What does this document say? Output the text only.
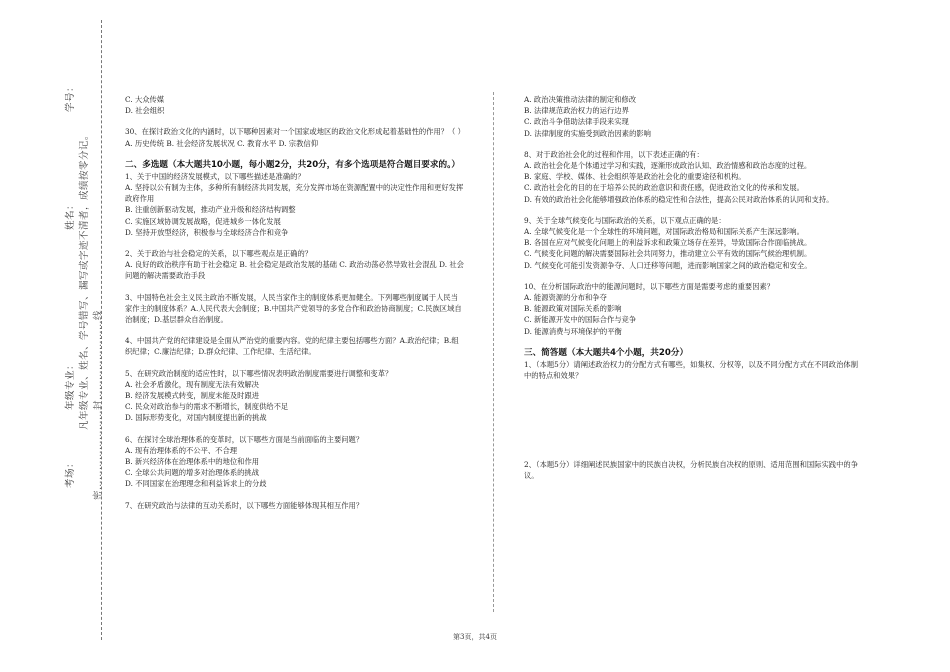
学号：
姓名：
年级专业：
考场：
凡年级专业、姓名、学号错写、漏写或字迹不清者，成绩按零分记。 密……………………封……………………线

C. 大众传媒

D. 社会组织

30、在探讨政治文化的内涵时，以下哪种因素对一个国家或地区的政治文化形成起着基础性的作用？（ ）

A. 历史传统 B. 社会经济发展状况 C. 教育水平 D. 宗教信仰

二、多选题（本大题共10小题，每小题2分，共20分，有多个选项是符合题目要求的。）

1、关于中国的经济发展模式，以下哪些描述是准确的？

A. 坚持以公有制为主体，多种所有制经济共同发展，充分发挥市场在资源配置中的决定性作用和更好发挥政府作用

B. 注重创新驱动发展，推动产业升级和经济结构调整

C. 实施区域协调发展战略，促进城乡一体化发展

D. 坚持开放型经济，积极参与全球经济合作和竞争

2、关于政治与社会稳定的关系，以下哪些观点是正确的？

A. 良好的政治秩序有助于社会稳定 B. 社会稳定是政治发展的基础 C. 政治动荡必然导致社会混乱 D. 社会问题的解决需要政治手段

3、中国特色社会主义民主政治不断发展，人民当家作主的制度体系更加健全。下列哪些制度属于人民当家作主的制度体系？A.人民代表大会制度；B.中国共产党领导的多党合作和政治协商制度；C.民族区域自治制度；D.基层群众自治制度。

4、中国共产党的纪律建设是全面从严治党的重要内容。党的纪律主要包括哪些方面？A.政治纪律；B.组织纪律；C.廉洁纪律；D.群众纪律、工作纪律、生活纪律。

5、在研究政治制度的适应性时，以下哪些情况表明政治制度需要进行调整和变革？

A. 社会矛盾激化，现有制度无法有效解决

B. 经济发展模式转变，制度未能及时跟进

C. 民众对政治参与的需求不断增长，制度供给不足

D. 国际形势变化，对国内制度提出新的挑战

6、在探讨全球治理体系的变革时，以下哪些方面是当前面临的主要问题？

A. 现有治理体系的不公平、不合理

B. 新兴经济体在治理体系中的地位和作用

C. 全球公共问题的增多对治理体系的挑战

D. 不同国家在治理理念和利益诉求上的分歧

7、在研究政治与法律的互动关系时，以下哪些方面能够体现其相互作用？

A. 政治决策推动法律的制定和修改

B. 法律规范政治权力的运行边界

C. 政治斗争借助法律手段来实现

D. 法律制度的实施受到政治因素的影响

8、对于政治社会化的过程和作用，以下表述正确的有：

A. 政治社会化是个体通过学习和实践，逐渐形成政治认知、政治情感和政治态度的过程。

B. 家庭、学校、媒体、社会组织等是政治社会化的重要途径和机构。

C. 政治社会化的目的在于培养公民的政治意识和责任感，促进政治文化的传承和发展。

D. 有效的政治社会化能够增强政治体系的稳定性和合法性，提高公民对政治体系的认同和支持。

9、关于全球气候变化与国际政治的关系，以下观点正确的是：

A. 全球气候变化是一个全球性的环境问题，对国际政治格局和国际关系产生深远影响。

B. 各国在应对气候变化问题上的利益诉求和政策立场存在差异，导致国际合作面临挑战。

C. 气候变化问题的解决需要国际社会共同努力，推动建立公平有效的国际气候治理机制。

D. 气候变化可能引发资源争夺、人口迁移等问题，进而影响国家之间的政治稳定和安全。

10、在分析国际政治中的能源问题时，以下哪些方面是需要考虑的重要因素？

A. 能源资源的分布和争夺

B. 能源政策对国际关系的影响

C. 新能源开发中的国际合作与竞争

D. 能源消费与环境保护的平衡

三、简答题（本大题共4个小题，共20分）

1、（本题5分）请阐述政治权力的分配方式有哪些，如集权、分权等，以及不同分配方式在不同政治体制中的特点和效果？

2、（本题5分）详细阐述民族国家中的民族自决权，分析民族自决权的原则、适用范围和国际实践中的争议。

第3页，共4页
